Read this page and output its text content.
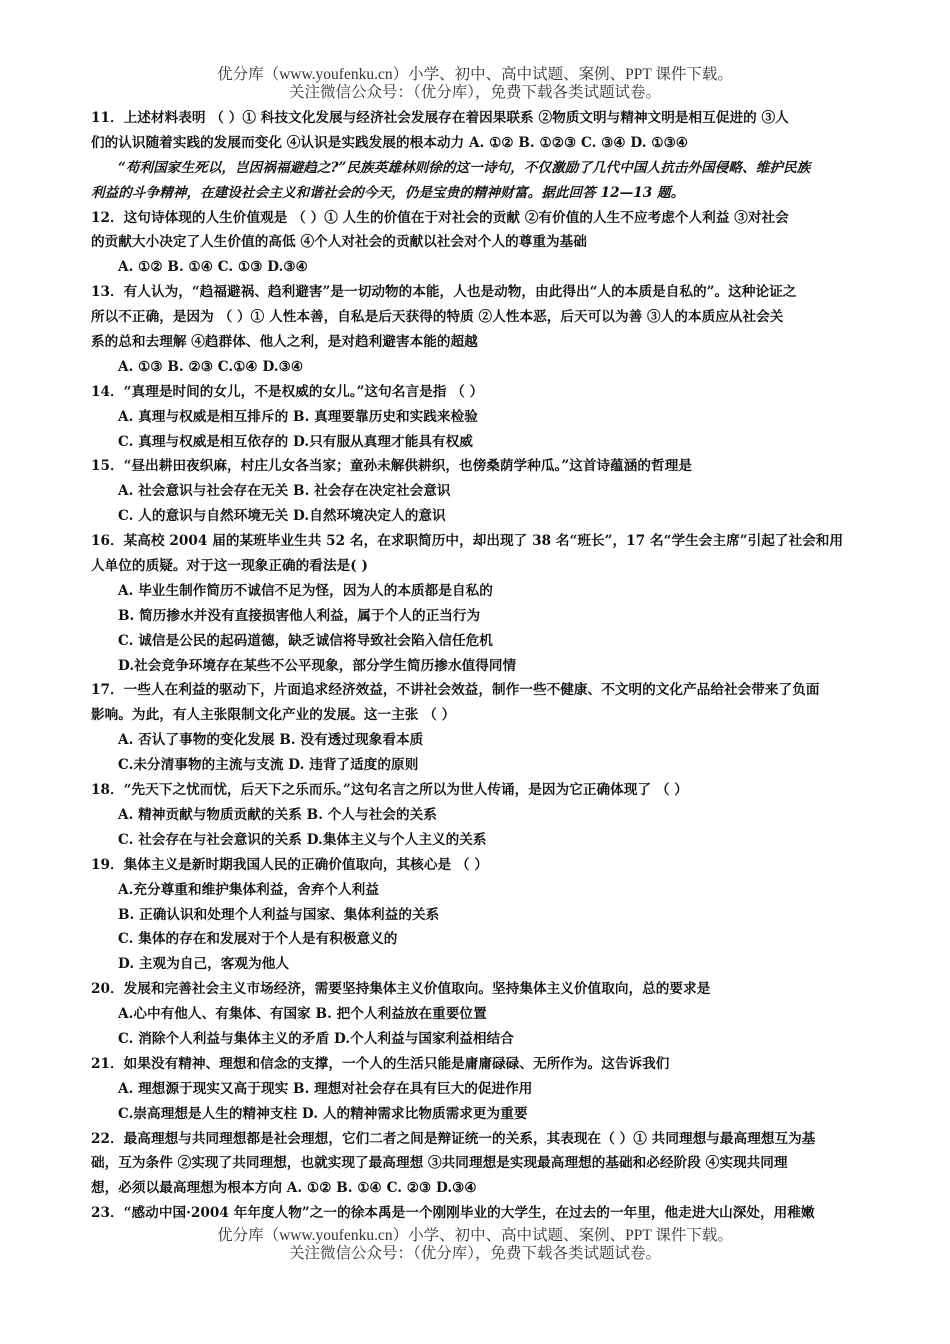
优分库（www.youfenku.cn）小学、初中、高中试题、案例、PPT 课件下载。
关注微信公众号：（优分库），免费下载各类试题试卷。
11．上述材料表明 （ ）① 科技文化发展与经济社会发展存在着因果联系 ②物质文明与精神文明是相互促进的 ③人
们的认识随着实践的发展而变化 ④认识是实践发展的根本动力 A. ①② B. ①②③ C. ③④ D. ①③④
“苟利国家生死以，岂因祸福避趋之?”民族英雄林则徐的这一诗句，不仅激励了几代中国人抗击外国侵略、维护民族
利益的斗争精神，在建设社会主义和谐社会的今天，仍是宝贵的精神财富。据此回答 12—13 题。
12．这句诗体现的人生价值观是 （ ）① 人生的价值在于对社会的贡献 ②有价值的人生不应考虑个人利益 ③对社会
的贡献大小决定了人生价值的高低 ④个人对社会的贡献以社会对个人的尊重为基础
A. ①② B. ①④ C. ①③ D.③④
13．有人认为，“趋福避祸、趋利避害”是一切动物的本能，人也是动物，由此得出“人的本质是自私的”。这种论证之
所以不正确，是因为 （ ）① 人性本善，自私是后天获得的特质 ②人性本恶，后天可以为善 ③人的本质应从社会关
系的总和去理解 ④趋群体、他人之利，是对趋利避害本能的超越
A. ①③ B. ②③ C.①④ D.③④
14．“真理是时间的女儿，不是权威的女儿。”这句名言是指 （ ）
A. 真理与权威是相互排斥的 B. 真理要靠历史和实践来检验
C. 真理与权威是相互依存的 D.只有服从真理才能具有权威
15．“昼出耕田夜织麻，村庄儿女各当家；童孙未解供耕织，也傍桑荫学种瓜。”这首诗蕴涵的哲理是
A. 社会意识与社会存在无关 B. 社会存在决定社会意识
C. 人的意识与自然环境无关 D.自然环境决定人的意识
16．某高校 2004 届的某班毕业生共 52 名，在求职简历中，却出现了 38 名“班长”，17 名“学生会主席”引起了社会和用
人单位的质疑。对于这一现象正确的看法是( )
A. 毕业生制作简历不诚信不足为怪，因为人的本质都是自私的
B. 简历掺水并没有直接损害他人利益，属于个人的正当行为
C. 诚信是公民的起码道德，缺乏诚信将导致社会陷入信任危机
D.社会竞争环境存在某些不公平现象，部分学生简历掺水值得同情
17．一些人在利益的驱动下，片面追求经济效益，不讲社会效益，制作一些不健康、不文明的文化产品给社会带来了负面
影响。为此，有人主张限制文化产业的发展。这一主张 （ ）
A. 否认了事物的变化发展 B. 没有透过现象看本质
C.未分清事物的主流与支流 D. 违背了适度的原则
18．“先天下之忧而忧，后天下之乐而乐。”这句名言之所以为世人传诵，是因为它正确体现了 （ ）
A. 精神贡献与物质贡献的关系 B. 个人与社会的关系
C. 社会存在与社会意识的关系 D.集体主义与个人主义的关系
19．集体主义是新时期我国人民的正确价值取向，其核心是 （ ）
A.充分尊重和维护集体利益，舍弃个人利益
B. 正确认识和处理个人利益与国家、集体利益的关系
C. 集体的存在和发展对于个人是有积极意义的
D. 主观为自己，客观为他人
20．发展和完善社会主义市场经济，需要坚持集体主义价值取向。坚持集体主义价值取向，总的要求是
A.心中有他人、有集体、有国家 B. 把个人利益放在重要位置
C. 消除个人利益与集体主义的矛盾 D.个人利益与国家利益相结合
21．如果没有精神、理想和信念的支撑，一个人的生活只能是庸庸碌碌、无所作为。这告诉我们
A. 理想源于现实又高于现实 B. 理想对社会存在具有巨大的促进作用
C.崇高理想是人生的精神支柱 D. 人的精神需求比物质需求更为重要
22．最高理想与共同理想都是社会理想，它们二者之间是辩证统一的关系，其表现在（ ）① 共同理想与最高理想互为基
础，互为条件 ②实现了共同理想，也就实现了最高理想 ③共同理想是实现最高理想的基础和必经阶段 ④实现共同理
想，必须以最高理想为根本方向 A. ①② B. ①④ C. ②③ D.③④
23．“感动中国·2004 年年度人物”之一的徐本禹是一个刚刚毕业的大学生，在过去的一年里，他走进大山深处，用稚嫩
优分库（www.youfenku.cn）小学、初中、高中试题、案例、PPT 课件下载。
关注微信公众号：（优分库），免费下载各类试题试卷。
